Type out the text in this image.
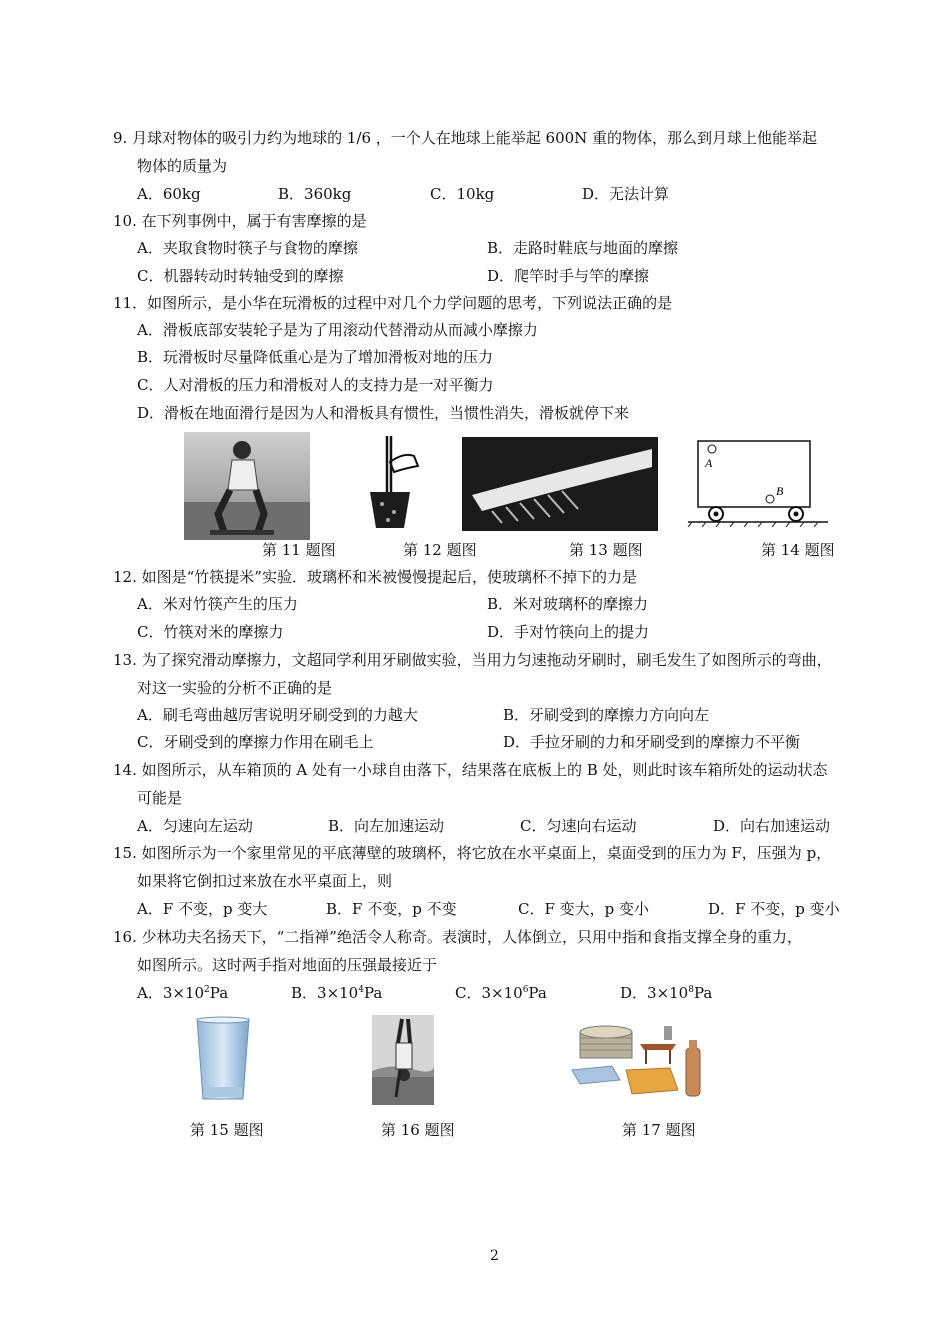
9. 月球对物体的吸引力约为地球的 1/6 ，一个人在地球上能举起 600N 重的物体，那么到月球上他能举起
物体的质量为
A．60kg	B．360kg	C．10kg	D．无法计算
10. 在下列事例中，属于有害摩擦的是
A．夹取食物时筷子与食物的摩擦	B．走路时鞋底与地面的摩擦
C．机器转动时转轴受到的摩擦	D．爬竿时手与竿的摩擦
11．如图所示，是小华在玩滑板的过程中对几个力学问题的思考，下列说法正确的是
A．滑板底部安装轮子是为了用滚动代替滑动从而减小摩擦力
B．玩滑板时尽量降低重心是为了增加滑板对地的压力
C．人对滑板的压力和滑板对人的支持力是一对平衡力
D．滑板在地面滑行是因为人和滑板具有惯性，当惯性消失，滑板就停下来
第 11 题图	第 12 题图	第 13 题图
A
B
第 14 题图
12. 如图是“竹筷提米”实验．玻璃杯和米被慢慢提起后，使玻璃杯不掉下的力是
A．米对竹筷产生的压力	B．米对玻璃杯的摩擦力
C．竹筷对米的摩擦力	D．手对竹筷向上的提力
13. 为了探究滑动摩擦力，文超同学利用牙刷做实验，当用力匀速拖动牙刷时，刷毛发生了如图所示的弯曲，
对这一实验的分析不正确的是
A．刷毛弯曲越厉害说明牙刷受到的力越大	B．牙刷受到的摩擦力方向向左
C．牙刷受到的摩擦力作用在刷毛上	D．手拉牙刷的力和牙刷受到的摩擦力不平衡
14. 如图所示，从车箱顶的 A 处有一小球自由落下，结果落在底板上的 B 处，则此时该车箱所处的运动状态
可能是
A．匀速向左运动	B．向左加速运动	C．匀速向右运动	D．向右加速运动
15. 如图所示为一个家里常见的平底薄壁的玻璃杯，将它放在水平桌面上，桌面受到的压力为 F，压强为 p，
如果将它倒扣过来放在水平桌面上，则
A．F 不变，p 变大	B．F 不变，p 不变	C．F 变大，p 变小	D．F 不变，p 变小
16. 少林功夫名扬天下，“二指禅”绝活令人称奇。表演时，人体倒立，只用中指和食指支撑全身的重力，
如图所示。这时两手指对地面的压强最接近于
A．$3\times 10^2Pa$	B．$3\times 10^4Pa$	C．$3\times 10^6Pa$	D．$3\times 10^8Pa$
第 15 题图	第 16 题图	第 17 题图
2
